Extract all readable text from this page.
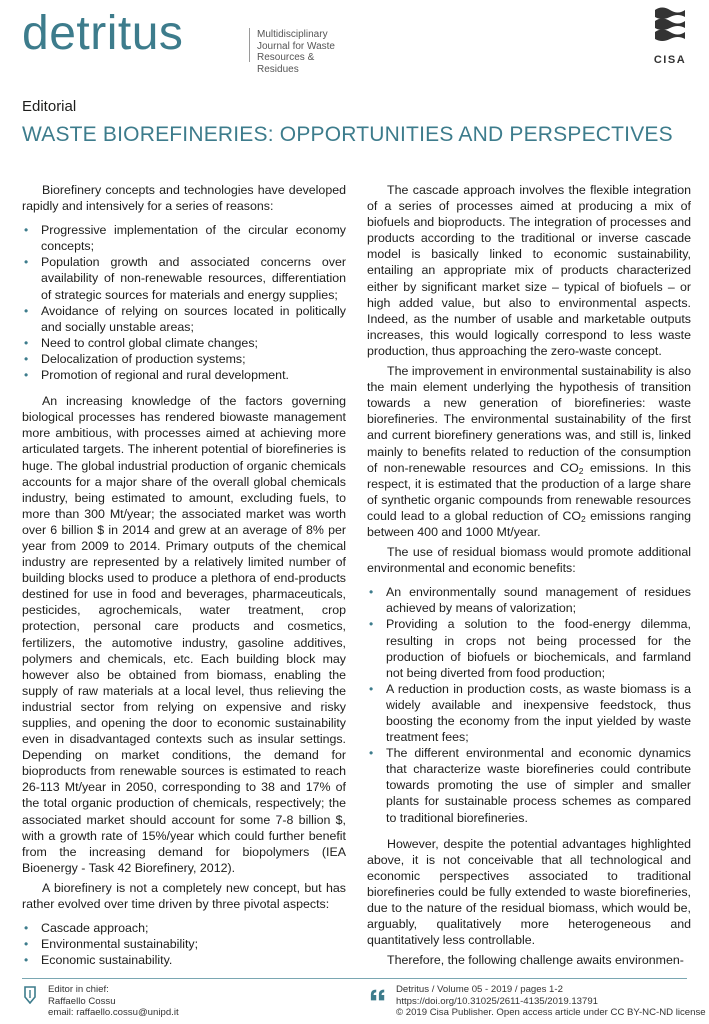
detritus	Multidisciplinary
Journal for Waste
Resources & Residues
CISA
Editorial
WASTE BIOREFINERIES: OPPORTUNITIES AND PERSPECTIVES

Biorefinery concepts and technologies have developed rapidly and intensively for a series of reasons:

• Progressive implementation of the circular economy concepts;
• Population growth and associated concerns over availability of non-renewable resources, differentiation of strategic sources for materials and energy supplies;
• Avoidance of relying on sources located in politically and socially unstable areas;
• Need to control global climate changes;
• Delocalization of production systems;
• Promotion of regional and rural development.

An increasing knowledge of the factors governing biological processes has rendered biowaste management more ambitious, with processes aimed at achieving more articulated targets. The inherent potential of biorefineries is huge. The global industrial production of organic chemicals accounts for a major share of the overall global chemicals industry, being estimated to amount, excluding fuels, to more than 300 Mt/year; the associated market was worth over 6 billion $ in 2014 and grew at an average of 8% per year from 2009 to 2014. Primary outputs of the chemical industry are represented by a relatively limited number of building blocks used to produce a plethora of end-products destined for use in food and beverages, pharmaceuticals, pesticides, agrochemicals, water treatment, crop protection, personal care products and cosmetics, fertilizers, the automotive industry, gasoline additives, polymers and chemicals, etc. Each building block may however also be obtained from biomass, enabling the supply of raw materials at a local level, thus relieving the industrial sector from relying on expensive and risky supplies, and opening the door to economic sustainability even in disadvantaged contexts such as insular settings. Depending on market conditions, the demand for bioproducts from renewable sources is estimated to reach 26-113 Mt/year in 2050, corresponding to 38 and 17% of the total organic production of chemicals, respectively; the associated market should account for some 7-8 billion $, with a growth rate of 15%/year which could further benefit from the increasing demand for biopolymers (IEA Bioenergy - Task 42 Biorefinery, 2012).

A biorefinery is not a completely new concept, but has rather evolved over time driven by three pivotal aspects:

• Cascade approach;
• Environmental sustainability;
• Economic sustainability.

The cascade approach involves the flexible integration of a series of processes aimed at producing a mix of biofuels and bioproducts. The integration of processes and products according to the traditional or inverse cascade model is basically linked to economic sustainability, entailing an appropriate mix of products characterized either by significant market size – typical of biofuels – or high added value, but also to environmental aspects. Indeed, as the number of usable and marketable outputs increases, this would logically correspond to less waste production, thus approaching the zero-waste concept.

The improvement in environmental sustainability is also the main element underlying the hypothesis of transition towards a new generation of biorefineries: waste biorefineries. The environmental sustainability of the first and current biorefinery generations was, and still is, linked mainly to benefits related to reduction of the consumption of non-renewable resources and $CO_2$ emissions. In this respect, it is estimated that the production of a large share of synthetic organic compounds from renewable resources could lead to a global reduction of $CO_2$ emissions ranging between 400 and 1000 Mt/year.

The use of residual biomass would promote additional environmental and economic benefits:

• An environmentally sound management of residues achieved by means of valorization;
• Providing a solution to the food-energy dilemma, resulting in crops not being processed for the production of biofuels or biochemicals, and farmland not being diverted from food production;
• A reduction in production costs, as waste biomass is a widely available and inexpensive feedstock, thus boosting the economy from the input yielded by waste treatment fees;
• The different environmental and economic dynamics that characterize waste biorefineries could contribute towards promoting the use of simpler and smaller plants for sustainable process schemes as compared to traditional biorefineries.

However, despite the potential advantages highlighted above, it is not conceivable that all technological and economic perspectives associated to traditional biorefineries could be fully extended to waste biorefineries, due to the nature of the residual biomass, which would be, arguably, qualitatively more heterogeneous and quantitatively less controllable.

Therefore, the following challenge awaits environmen-

Editor in chief:
Raffaello Cossu
email: raffaello.cossu@unipd.it
Detritus / Volume 05 - 2019 / pages 1-2
https://doi.org/10.31025/2611-4135/2019.13791
© 2019 Cisa Publisher. Open access article under CC BY-NC-ND license
